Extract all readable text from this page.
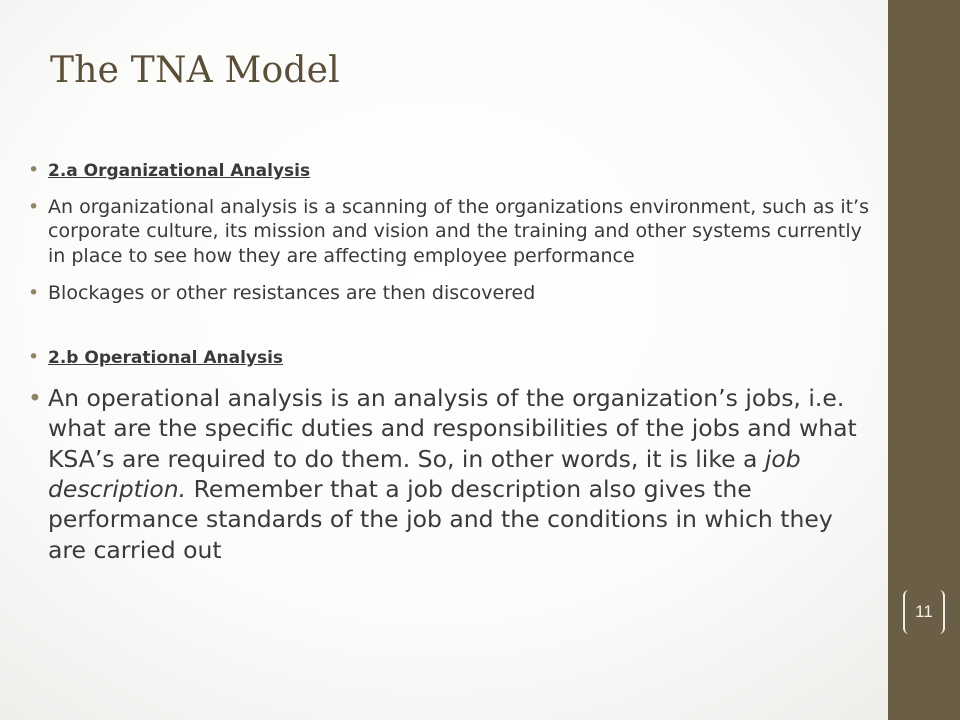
The TNA Model
• 2.a Organizational Analysis
• An organizational analysis is a scanning of the organizations environment, such as it’s corporate culture, its mission and vision and the training and other systems currently in place to see how they are affecting employee performance
• Blockages or other resistances are then discovered
• 2.b Operational Analysis
• An operational analysis is an analysis of the organization’s jobs, i.e. what are the specific duties and responsibilities of the jobs and what KSA’s are required to do them. So, in other words, it is like a job description. Remember that a job description also gives the performance standards of the job and the conditions in which they are carried out
11
